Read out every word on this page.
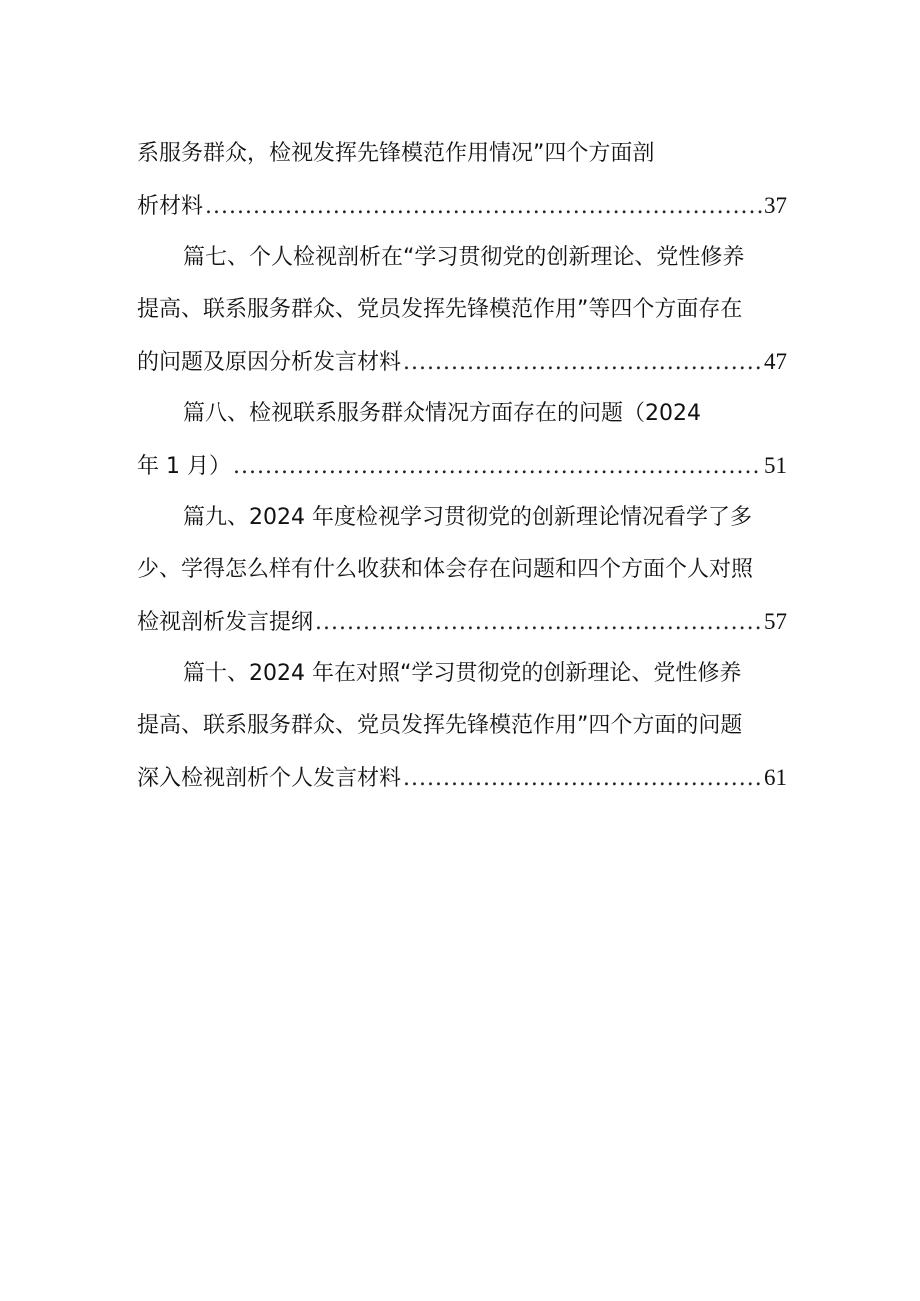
系服务群众，检视发挥先锋模范作用情况”四个方面剖
析材料 .....	37
篇七、个人检视剖析在“学习贯彻党的创新理论、党性修养
提高、联系服务群众、党员发挥先锋模范作用”等四个方面存在
的问题及原因分析发言材料 .....	47
篇八、检视联系服务群众情况方面存在的问题（2024
年 1 月） .....	51
篇九、2024 年度检视学习贯彻党的创新理论情况看学了多
少、学得怎么样有什么收获和体会存在问题和四个方面个人对照
检视剖析发言提纲 .....	57
篇十、2024 年在对照“学习贯彻党的创新理论、党性修养
提高、联系服务群众、党员发挥先锋模范作用”四个方面的问题
深入检视剖析个人发言材料 .....	61
